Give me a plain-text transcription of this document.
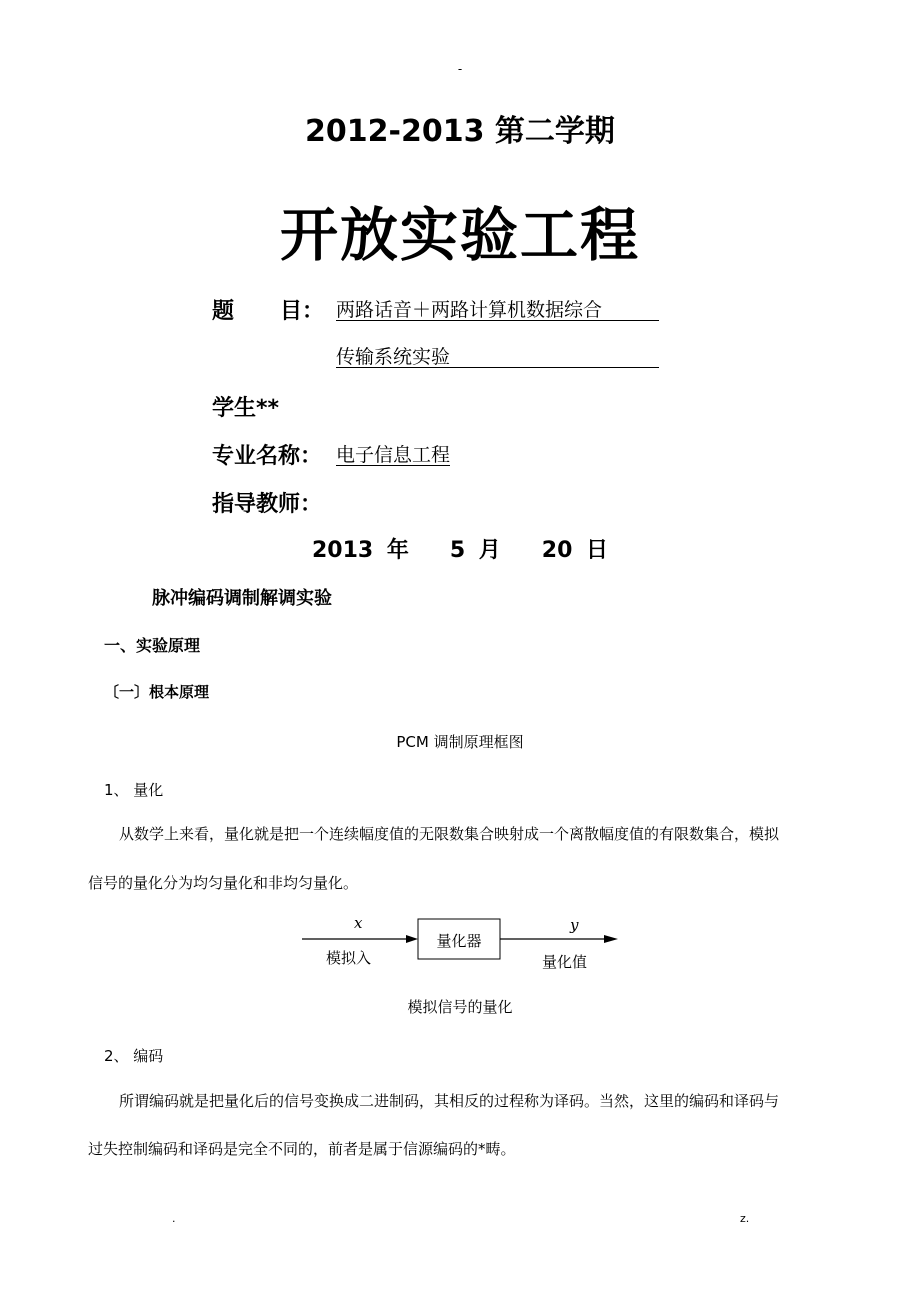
-
2012-2013 第二学期
开放实验工程
题      目： 两路话音＋两路计算机数据综合
传输系统实验
学生**
专业名称： 电子信息工程
指导教师：
2013 年   5 月   20 日
脉冲编码调制解调实验
一、实验原理
〔一〕根本原理
PCM 调制原理框图
1、 量化
从数学上来看，量化就是把一个连续幅度值的无限数集合映射成一个离散幅度值的有限数集合，模拟
信号的量化分为均匀量化和非均匀量化。
x
模拟入
量化器
y
量化值
模拟信号的量化
2、 编码
所谓编码就是把量化后的信号变换成二进制码，其相反的过程称为译码。当然，这里的编码和译码与
过失控制编码和译码是完全不同的，前者是属于信源编码的*畴。
.	z.
